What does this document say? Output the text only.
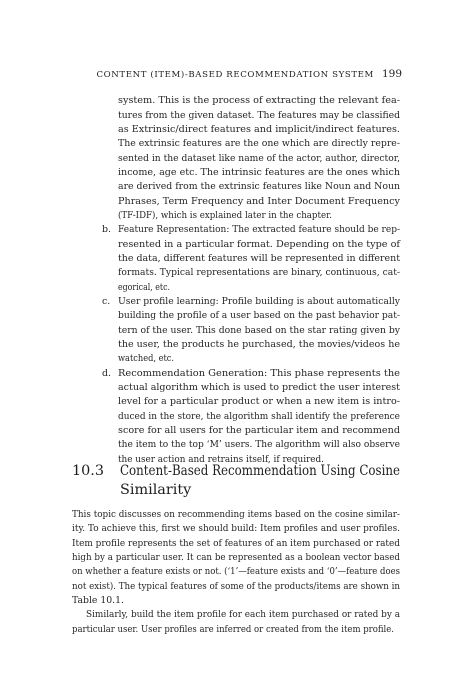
CONTENT (ITEM)-BASED RECOMMENDATION SYSTEM 199
system. This is the process of extracting the relevant fea-
tures from the given dataset. The features may be classified
as Extrinsic/direct features and implicit/indirect features.
The extrinsic features are the one which are directly repre-
sented in the dataset like name of the actor, author, director,
income, age etc. The intrinsic features are the ones which
are derived from the extrinsic features like Noun and Noun
Phrases, Term Frequency and Inter Document Frequency
(TF-IDF), which is explained later in the chapter.
b. Feature Representation: The extracted feature should be rep-
resented in a particular format. Depending on the type of
the data, different features will be represented in different
formats. Typical representations are binary, continuous, cat-
egorical, etc.
c. User profile learning: Profile building is about automatically
building the profile of a user based on the past behavior pat-
tern of the user. This done based on the star rating given by
the user, the products he purchased, the movies/videos he
watched, etc.
d. Recommendation Generation: This phase represents the
actual algorithm which is used to predict the user interest
level for a particular product or when a new item is intro-
duced in the store, the algorithm shall identify the preference
score for all users for the particular item and recommend
the item to the top ‘M’ users. The algorithm will also observe
the user action and retrains itself, if required.
10.3 Content-Based Recommendation Using Cosine
Similarity
This topic discusses on recommending items based on the cosine similar-
ity. To achieve this, first we should build: Item profiles and user profiles.
Item profile represents the set of features of an item purchased or rated
high by a particular user. It can be represented as a boolean vector based
on whether a feature exists or not. (‘1’—feature exists and ‘0’—feature does
not exist). The typical features of some of the products/items are shown in
Table 10.1.
Similarly, build the item profile for each item purchased or rated by a
particular user. User profiles are inferred or created from the item profile.
